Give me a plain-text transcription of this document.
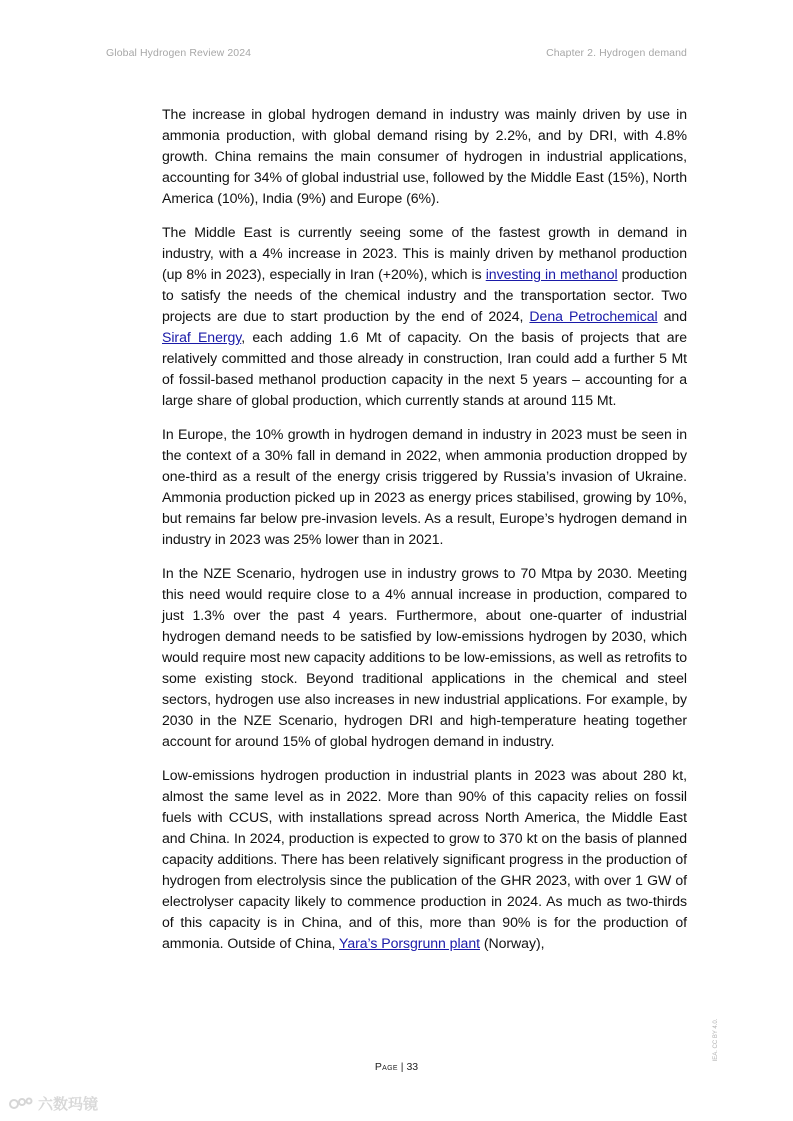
Global Hydrogen Review 2024	Chapter 2. Hydrogen demand

The increase in global hydrogen demand in industry was mainly driven by use in ammonia production, with global demand rising by 2.2%, and by DRI, with 4.8% growth. China remains the main consumer of hydrogen in industrial applications, accounting for 34% of global industrial use, followed by the Middle East (15%), North America (10%), India (9%) and Europe (6%).

The Middle East is currently seeing some of the fastest growth in demand in industry, with a 4% increase in 2023. This is mainly driven by methanol production (up 8% in 2023), especially in Iran (+20%), which is investing in methanol production to satisfy the needs of the chemical industry and the transportation sector. Two projects are due to start production by the end of 2024, Dena Petrochemical and Siraf Energy, each adding 1.6 Mt of capacity. On the basis of projects that are relatively committed and those already in construction, Iran could add a further 5 Mt of fossil-based methanol production capacity in the next 5 years – accounting for a large share of global production, which currently stands at around 115 Mt.

In Europe, the 10% growth in hydrogen demand in industry in 2023 must be seen in the context of a 30% fall in demand in 2022, when ammonia production dropped by one-third as a result of the energy crisis triggered by Russia’s invasion of Ukraine. Ammonia production picked up in 2023 as energy prices stabilised, growing by 10%, but remains far below pre-invasion levels. As a result, Europe’s hydrogen demand in industry in 2023 was 25% lower than in 2021.

In the NZE Scenario, hydrogen use in industry grows to 70 Mtpa by 2030. Meeting this need would require close to a 4% annual increase in production, compared to just 1.3% over the past 4 years. Furthermore, about one-quarter of industrial hydrogen demand needs to be satisfied by low-emissions hydrogen by 2030, which would require most new capacity additions to be low-emissions, as well as retrofits to some existing stock. Beyond traditional applications in the chemical and steel sectors, hydrogen use also increases in new industrial applications. For example, by 2030 in the NZE Scenario, hydrogen DRI and high-temperature heating together account for around 15% of global hydrogen demand in industry.

Low-emissions hydrogen production in industrial plants in 2023 was about 280 kt, almost the same level as in 2022. More than 90% of this capacity relies on fossil fuels with CCUS, with installations spread across North America, the Middle East and China. In 2024, production is expected to grow to 370 kt on the basis of planned capacity additions. There has been relatively significant progress in the production of hydrogen from electrolysis since the publication of the GHR 2023, with over 1 GW of electrolyser capacity likely to commence production in 2024. As much as two-thirds of this capacity is in China, and of this, more than 90% is for the production of ammonia. Outside of China, Yara’s Porsgrunn plant (Norway),

IEA. CC BY 4.0.
Page | 33
六数玛镜
